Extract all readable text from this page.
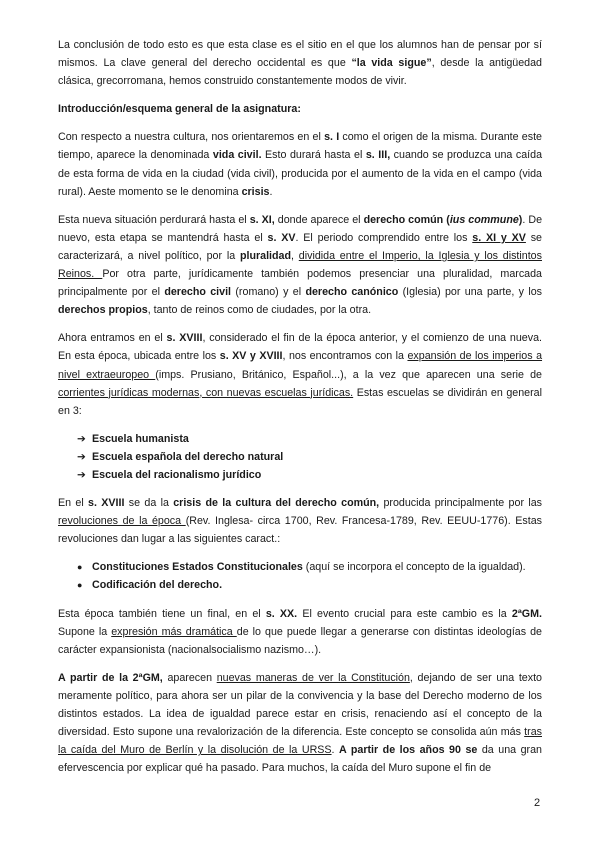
La conclusión de todo esto es que esta clase es el sitio en el que los alumnos han de pensar por sí mismos. La clave general del derecho occidental es que “la vida sigue”, desde la antigüedad clásica, grecorromana, hemos construido constantemente modos de vivir.

Introducción/esquema general de la asignatura:

Con respecto a nuestra cultura, nos orientaremos en el s. I como el origen de la misma. Durante este tiempo, aparece la denominada vida civil. Esto durará hasta el s. III, cuando se produzca una caída de esta forma de vida en la ciudad (vida civil), producida por el aumento de la vida en el campo (vida rural). Aeste momento se le denomina crisis.

Esta nueva situación perdurará hasta el s. XI, donde aparece el derecho común (ius commune). De nuevo, esta etapa se mantendrá hasta el s. XV. El periodo comprendido entre los s. XI y XV se caracterizará, a nivel político, por la pluralidad, dividida entre el Imperio, la Iglesia y los distintos Reinos. Por otra parte, jurídicamente también podemos presenciar una pluralidad, marcada principalmente por el derecho civil (romano) y el derecho canónico (Iglesia) por una parte, y los derechos propios, tanto de reinos como de ciudades, por la otra.

Ahora entramos en el s. XVIII, considerado el fin de la época anterior, y el comienzo de una nueva. En esta época, ubicada entre los s. XV y XVIII, nos encontramos con la expansión de los imperios a nivel extraeuropeo (imps. Prusiano, Británico, Español...), a la vez que aparecen una serie de corrientes jurídicas modernas, con nuevas escuelas jurídicas. Estas escuelas se dividirán en general en 3:

➔ Escuela humanista
➔ Escuela española del derecho natural
➔ Escuela del racionalismo jurídico

En el s. XVIII se da la crisis de la cultura del derecho común, producida principalmente por las revoluciones de la época (Rev. Inglesa- circa 1700, Rev. Francesa-1789, Rev. EEUU-1776). Estas revoluciones dan lugar a las siguientes caract.:

● Constituciones Estados Constitucionales (aquí se incorpora el concepto de la igualdad).
● Codificación del derecho.

Esta época también tiene un final, en el s. XX. El evento crucial para este cambio es la 2ªGM. Supone la expresión más dramática de lo que puede llegar a generarse con distintas ideologías de carácter expansionista (nacionalsocialismo nazismo…).

A partir de la 2ªGM, aparecen nuevas maneras de ver la Constitución, dejando de ser una texto meramente político, para ahora ser un pilar de la convivencia y la base del Derecho moderno de los distintos estados. La idea de igualdad parece estar en crisis, renaciendo así el concepto de la diversidad. Esto supone una revalorización de la diferencia. Este concepto se consolida aún más tras la caída del Muro de Berlín y la disolución de la URSS. A partir de los años 90 se da una gran efervescencia por explicar qué ha pasado. Para muchos, la caída del Muro supone el fin de

2
